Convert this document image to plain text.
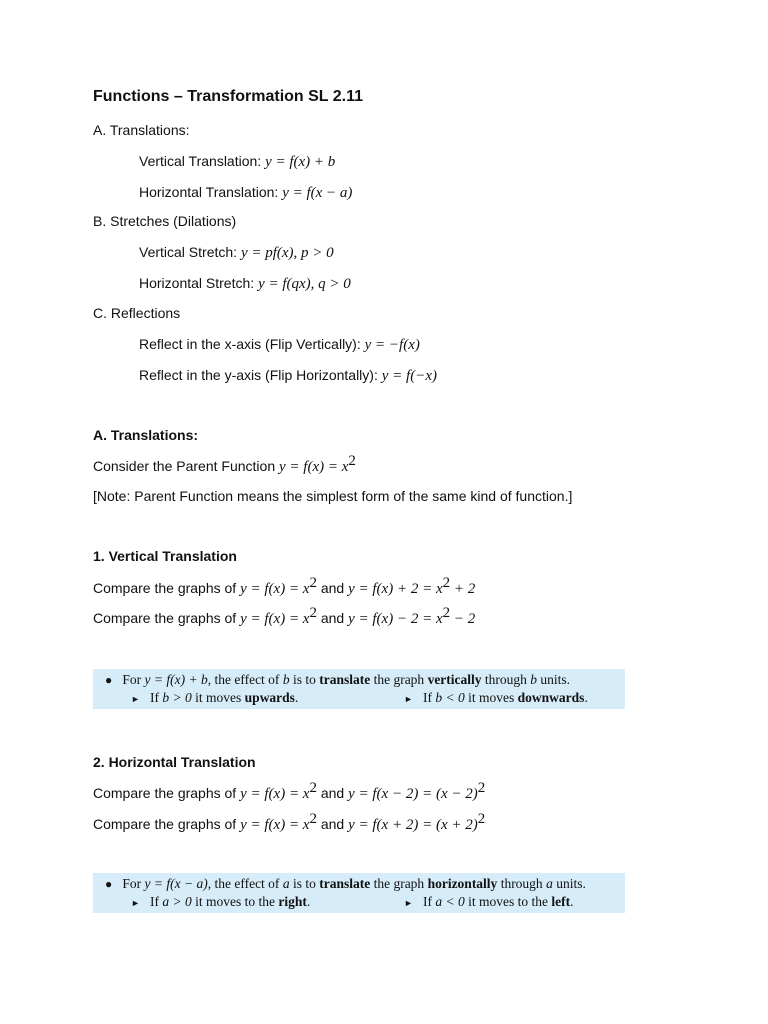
Functions – Transformation SL 2.11
A. Translations:
Vertical Translation: y = f(x) + b
Horizontal Translation: y = f(x − a)
B. Stretches (Dilations)
Vertical Stretch: y = pf(x), p > 0
Horizontal Stretch: y = f(qx), q > 0
C. Reflections
Reflect in the x-axis (Flip Vertically): y = −f(x)
Reflect in the y-axis (Flip Horizontally): y = f(−x)
A. Translations:
Consider the Parent Function $y = f(x) = x^2$
[Note: Parent Function means the simplest form of the same kind of function.]
1. Vertical Translation
Compare the graphs of $y = f(x) = x^2$ and $y = f(x) + 2 = x^2 + 2$
Compare the graphs of $y = f(x) = x^2$ and $y = f(x) - 2 = x^2 - 2$
● For y = f(x) + b, the effect of b is to translate the graph vertically through b units.
► If b > 0 it moves upwards.	► If b < 0 it moves downwards.
2. Horizontal Translation
Compare the graphs of $y = f(x) = x^2$ and $y = f(x - 2) = (x - 2)^2$
Compare the graphs of $y = f(x) = x^2$ and $y = f(x + 2) = (x + 2)^2$
● For y = f(x − a), the effect of a is to translate the graph horizontally through a units.
► If a > 0 it moves to the right.	► If a < 0 it moves to the left.
